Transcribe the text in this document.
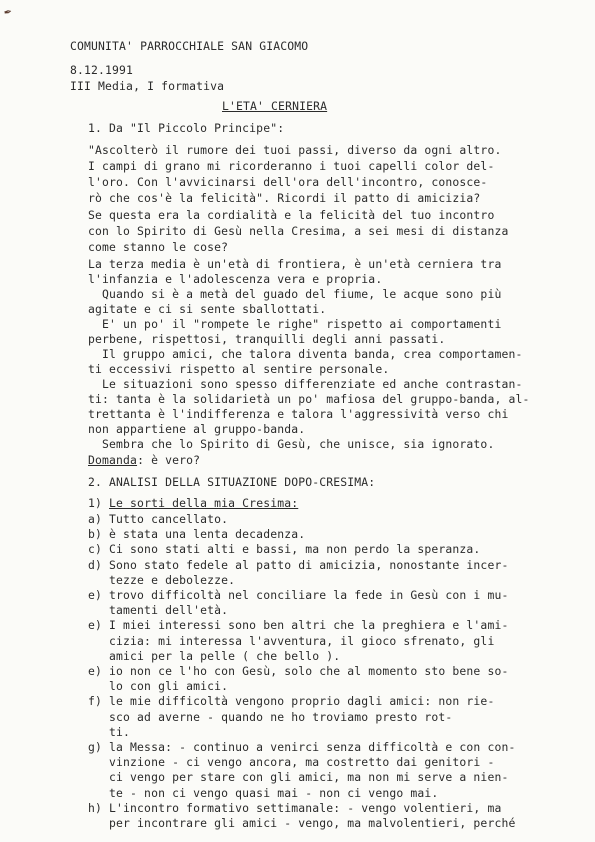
✒
COMUNITA' PARROCCHIALE SAN GIACOMO
8.12.1991
III Media, I formativa
L'ETA' CERNIERA
1. Da "Il Piccolo Principe":
"Ascolterò il rumore dei tuoi passi, diverso da ogni altro.
I campi di grano mi ricorderanno i tuoi capelli color del-
l'oro. Con l'avvicinarsi dell'ora dell'incontro, conosce-
rò che cos'è la felicità". Ricordi il patto di amicizia?
Se questa era la cordialità e la felicità del tuo incontro
con lo Spirito di Gesù nella Cresima, a sei mesi di distanza
come stanno le cose?
La terza media è un'età di frontiera, è un'età cerniera tra
l'infanzia e l'adolescenza vera e propria.
Quando si è a metà del guado del fiume, le acque sono più
agitate e ci si sente sballottati.
E' un po' il "rompete le righe" rispetto ai comportamenti
perbene, rispettosi, tranquilli degli anni passati.
Il gruppo amici, che talora diventa banda, crea comportamen-
ti eccessivi rispetto al sentire personale.
Le situazioni sono spesso differenziate ed anche contrastan-
ti: tanta è la solidarietà un po' mafiosa del gruppo-banda, al-
trettanta è l'indifferenza e talora l'aggressività verso chi
non appartiene al gruppo-banda.
Sembra che lo Spirito di Gesù, che unisce, sia ignorato.
Domanda: è vero?
2. ANALISI DELLA SITUAZIONE DOPO-CRESIMA:
1) Le sorti della mia Cresima:
a) Tutto cancellato.
b) è stata una lenta decadenza.
c) Ci sono stati alti e bassi, ma non perdo la speranza.
d) Sono stato fedele al patto di amicizia, nonostante incer-
tezze e debolezze.
e) trovo difficoltà nel conciliare la fede in Gesù con i mu-
tamenti dell'età.
e) I miei interessi sono ben altri che la preghiera e l'ami-
cizia: mi interessa l'avventura, il gioco sfrenato, gli
amici per la pelle ( che bello ).
e) io non ce l'ho con Gesù, solo che al momento sto bene so-
lo con gli amici.
f) le mie difficoltà vengono proprio dagli amici: non rie-
sco ad averne - quando ne ho troviamo presto rot-
ti.
g) la Messa: - continuo a venirci senza difficoltà e con con-
vinzione - ci vengo ancora, ma costretto dai genitori -
ci vengo per stare con gli amici, ma non mi serve a nien-
te - non ci vengo quasi mai - non ci vengo mai.
h) L'incontro formativo settimanale: - vengo volentieri, ma
per incontrare gli amici - vengo, ma malvolentieri, perché
